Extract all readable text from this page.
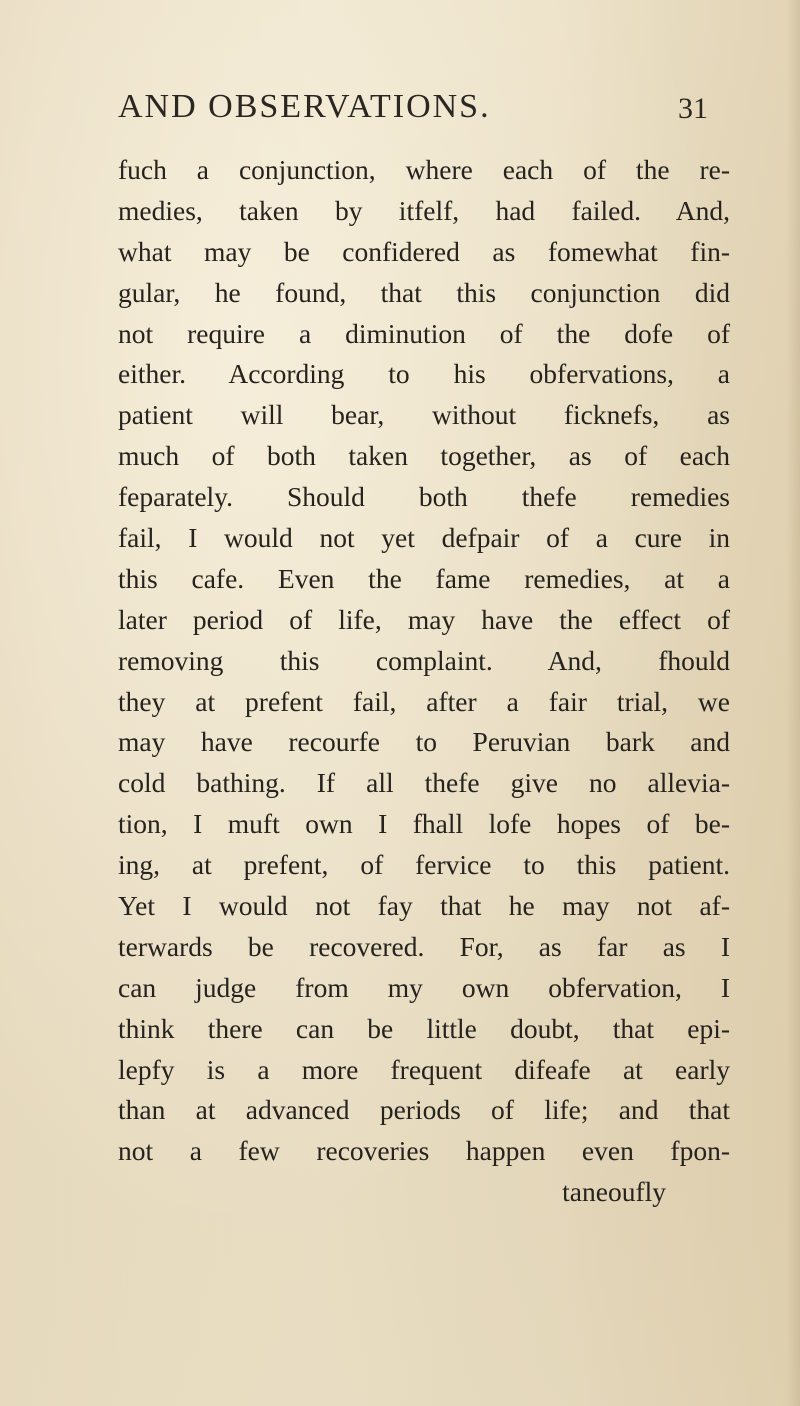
AND OBSERVATIONS.	31
fuch a conjunction, where each of the re-
medies, taken by itfelf, had failed. And,
what may be confidered as fomewhat fin-
gular, he found, that this conjunction did
not require a diminution of the dofe of
either. According to his obfervations, a
patient will bear, without ficknefs, as
much of both taken together, as of each
feparately. Should both thefe remedies
fail, I would not yet defpair of a cure in
this cafe. Even the fame remedies, at a
later period of life, may have the effect of
removing this complaint. And, fhould
they at prefent fail, after a fair trial, we
may have recourfe to Peruvian bark and
cold bathing. If all thefe give no allevia-
tion, I muft own I fhall lofe hopes of be-
ing, at prefent, of fervice to this patient.
Yet I would not fay that he may not af-
terwards be recovered. For, as far as I
can judge from my own obfervation, I
think there can be little doubt, that epi-
lepfy is a more frequent difeafe at early
than at advanced periods of life; and that
not a few recoveries happen even fpon-
taneoufly
